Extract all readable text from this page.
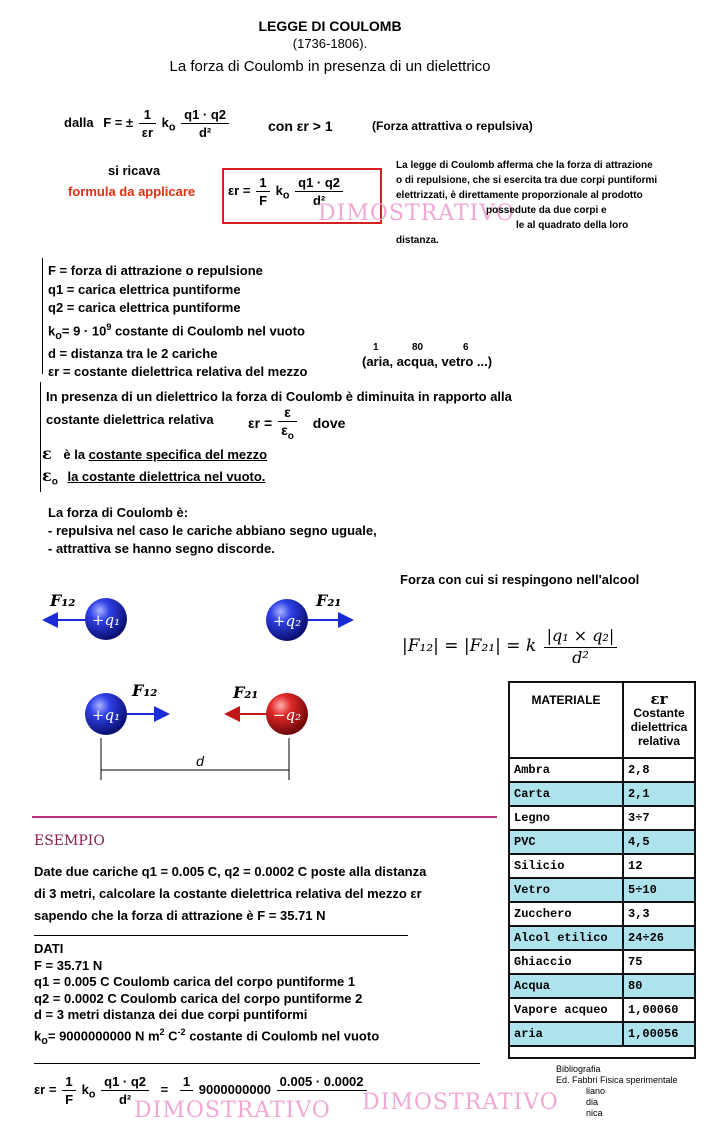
LEGGE DI COULOMB
(1736-1806).
La forza di Coulomb in presenza di un dielettrico
dalla F = ± $\frac{1}{\varepsilon r} k_o \frac{q1 \cdot q2}{\text{d²}}$	con εr > 1	(Forza attrattiva o repulsiva)
si ricava
formula da applicare	$\varepsilon r = \frac{1}{F} k_o \frac{q1 \cdot q2}{\text{d²}}$
DIMOSTRATIVO
La legge di Coulomb afferma che la forza di attrazione
o di repulsione, che si esercita tra due corpi puntiformi
elettrizzati, è direttamente proporzionale al prodotto
possedute da due corpi e
le al quadrato della loro
distanza.
F = forza di attrazione o repulsione
q1 = carica elettrica puntiforme
q2 = carica elettrica puntiforme
$k_o= 9 \cdot 10^9$ costante di Coulomb nel vuoto
d = distanza tra le 2 cariche
εr = costante dielettrica relativa del mezzo
1	80	6
(aria, acqua, vetro ...)
In presenza di un dielettrico la forza di Coulomb è diminuita in rapporto alla
costante dielettrica relativa $\varepsilon r = \frac{\varepsilon}{\varepsilon_o}$ dove
ε è la costante specifica del mezzo
$\varepsilon_o$ la costante dielettrica nel vuoto.
La forza di Coulomb è:
- repulsiva nel caso le cariche abbiano segno uguale,
- attrattiva se hanno segno discorde.
Forza con cui si respingono nell'alcool
|F₁₂| = |F₂₁| = k $\frac{\text{|q₁ × q₂|}}{\text{d²}}$
F₁₂
+q₁
F₂₁
+q₂
F₁₂
+q₁
F₂₁
−q₂
d
MATERIALE	εr
Costante dielettrica relativa

Ambra	2,8
Carta	2,1
Legno	3÷7
PVC	4,5
Silicio	12
Vetro	5÷10
Zucchero	3,3
Alcol etilico	24÷26
Ghiaccio	75
Acqua	80
Vapore acqueo	1,00060
aria	1,00056
ESEMPIO
Date due cariche q1 = 0.005 C, q2 = 0.0002 C poste alla distanza
di 3 metri, calcolare la costante dielettrica relativa del mezzo εr
sapendo che la forza di attrazione è F = 35.71 N
DATI
F = 35.71 N
q1 = 0.005 C Coulomb carica del corpo puntiforme 1
q2 = 0.0002 C Coulomb carica del corpo puntiforme 2
d = 3 metri distanza dei due corpi puntiformi
$k_o= 9000000000$ N $m^2$ $C^{-2}$ costante di Coulomb nel vuoto
$\varepsilon r = \frac{1}{F} k_o \frac{q1 \cdot q2}{\text{d²}}$ =
1

9000000000
0.005 · 0.0002

DIMOSTRATIVO DIMOSTRATIVO
Bibliografia
Ed. Fabbri Fisica sperimentale
liano
dia
nica
